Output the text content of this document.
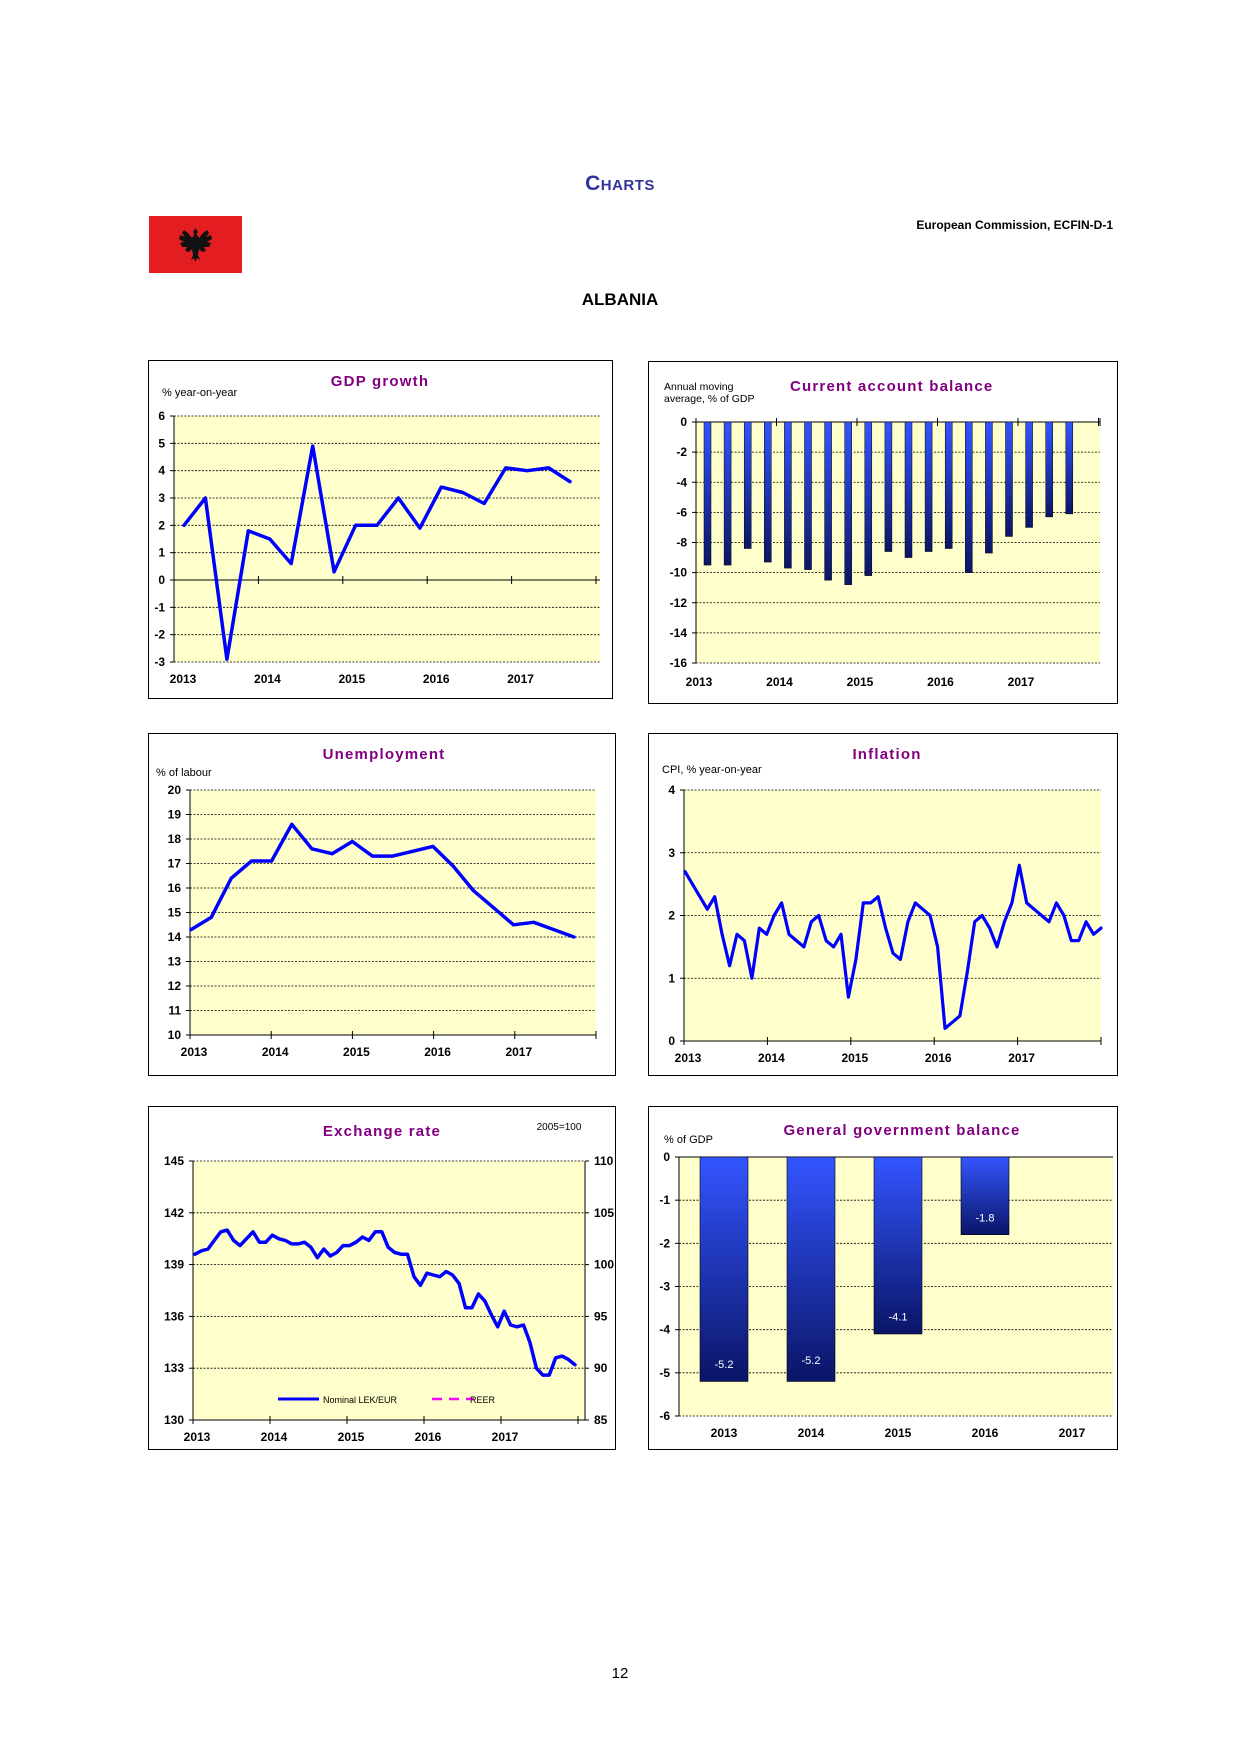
Charts
European Commission, ECFIN-D-1
ALBANIA
2013	2014	2015	2016	2017
6
5
4
3
2
1
0
-1
-2
-3
% year-on-year
GDP growth
2013	2014	2015	2016	2017
0
-2
-4
-6
-8
-10
-12
-14
-16
Annual moving
average, % of GDP
Current account balance
2013	2014	2015	2016	2017
20
19
18
17
16
15
14
13
12
11
10
% of labour
Unemployment
2013	2014	2015	2016	2017
4
3
2
1
0
CPI, % year-on-year
Inflation
110
105
100
95
90
85
2013	2014	2015	2016	2017
145
142
139
136
133
130
Exchange rate	2005=100
Nominal LEK/EUR	REER
-5.2	-5.2
-4.1
-1.8
2013	2014	2015	2016	2017
0
-1
-2
-3
-4
-5
-6
% of GDP
General government balance
12
